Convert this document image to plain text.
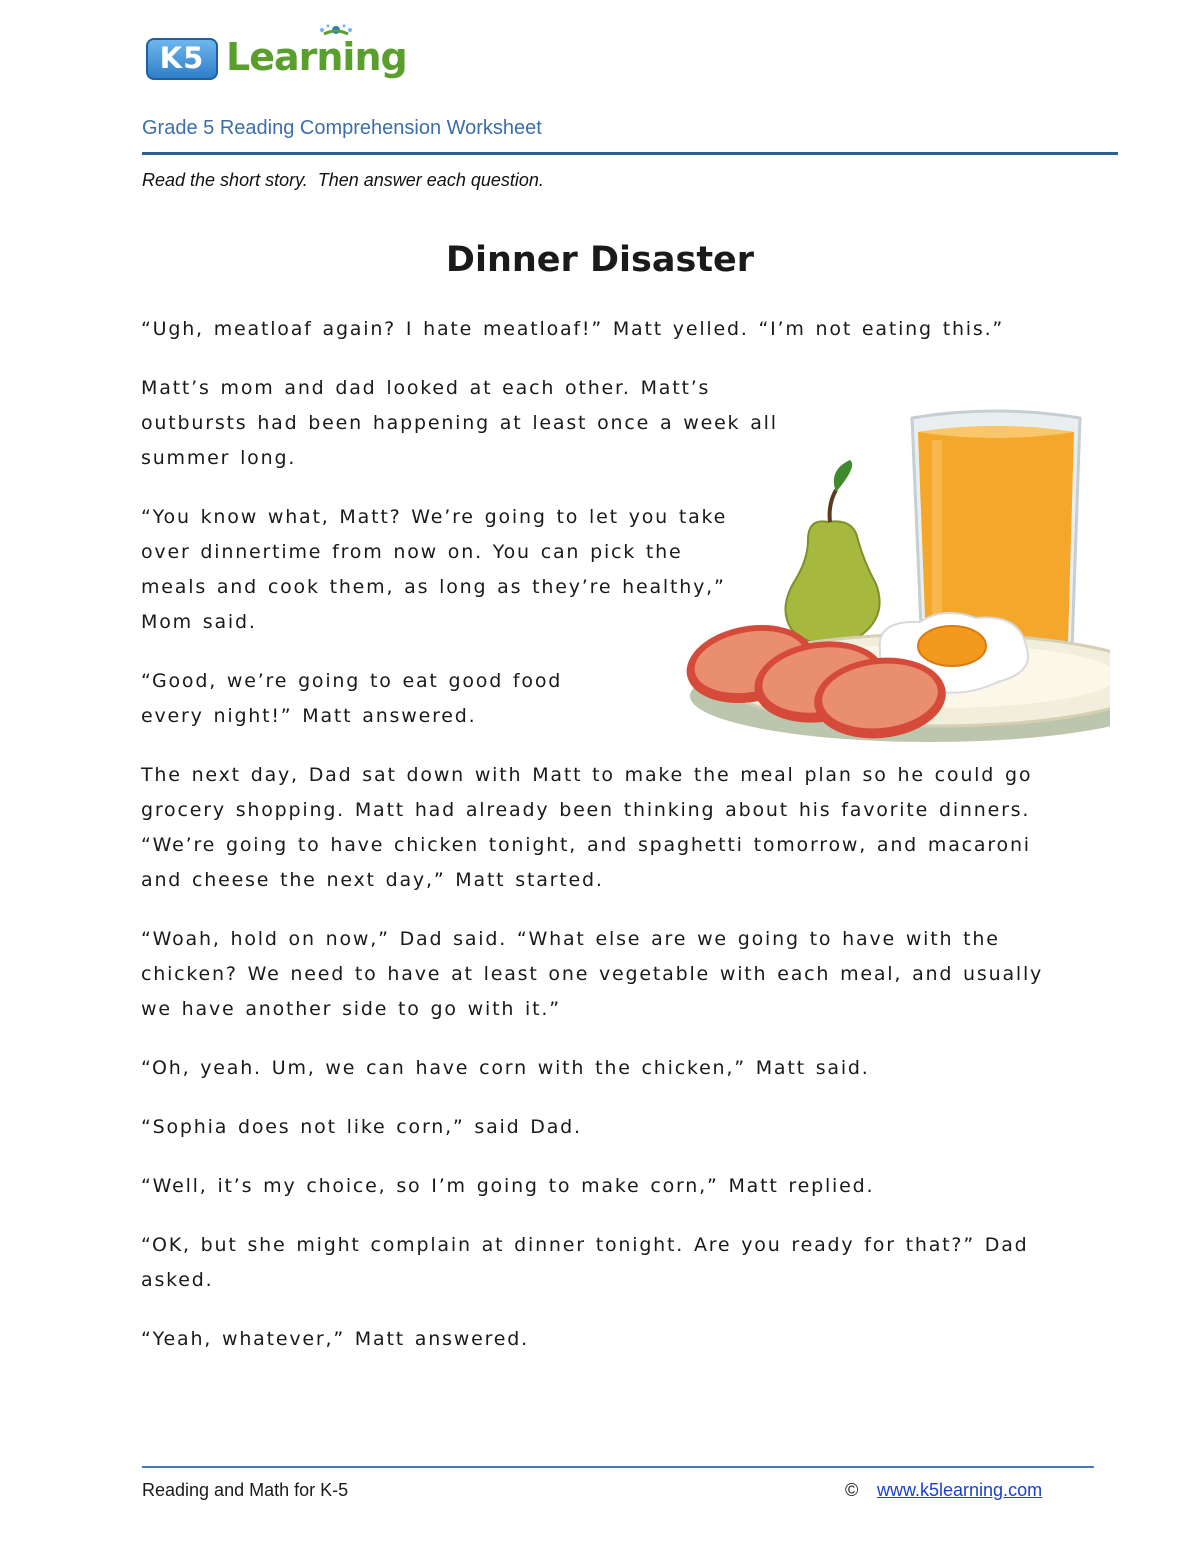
K5 Learning
Grade 5 Reading Comprehension Worksheet
Read the short story.  Then answer each question.
Dinner Disaster

“Ugh, meatloaf again? I hate meatloaf!” Matt yelled. “I’m not eating this.”

Matt’s mom and dad looked at each other. Matt’s outbursts had been happening at least once a week all summer long.

“You know what, Matt? We’re going to let you take over dinnertime from now on. You can pick the meals and cook them, as long as they’re healthy,” Mom said.

“Good, we’re going to eat good food every night!” Matt answered.

The next day, Dad sat down with Matt to make the meal plan so he could go grocery shopping. Matt had already been thinking about his favorite dinners. “We’re going to have chicken tonight, and spaghetti tomorrow, and macaroni and cheese the next day,” Matt started.

“Woah, hold on now,” Dad said. “What else are we going to have with the chicken? We need to have at least one vegetable with each meal, and usually we have another side to go with it.”

“Oh, yeah. Um, we can have corn with the chicken,” Matt said.

“Sophia does not like corn,” said Dad.

“Well, it’s my choice, so I’m going to make corn,” Matt replied.

“OK, but she might complain at dinner tonight. Are you ready for that?” Dad asked.

“Yeah, whatever,” Matt answered.

Reading and Math for K-5	© www.k5learning.com
